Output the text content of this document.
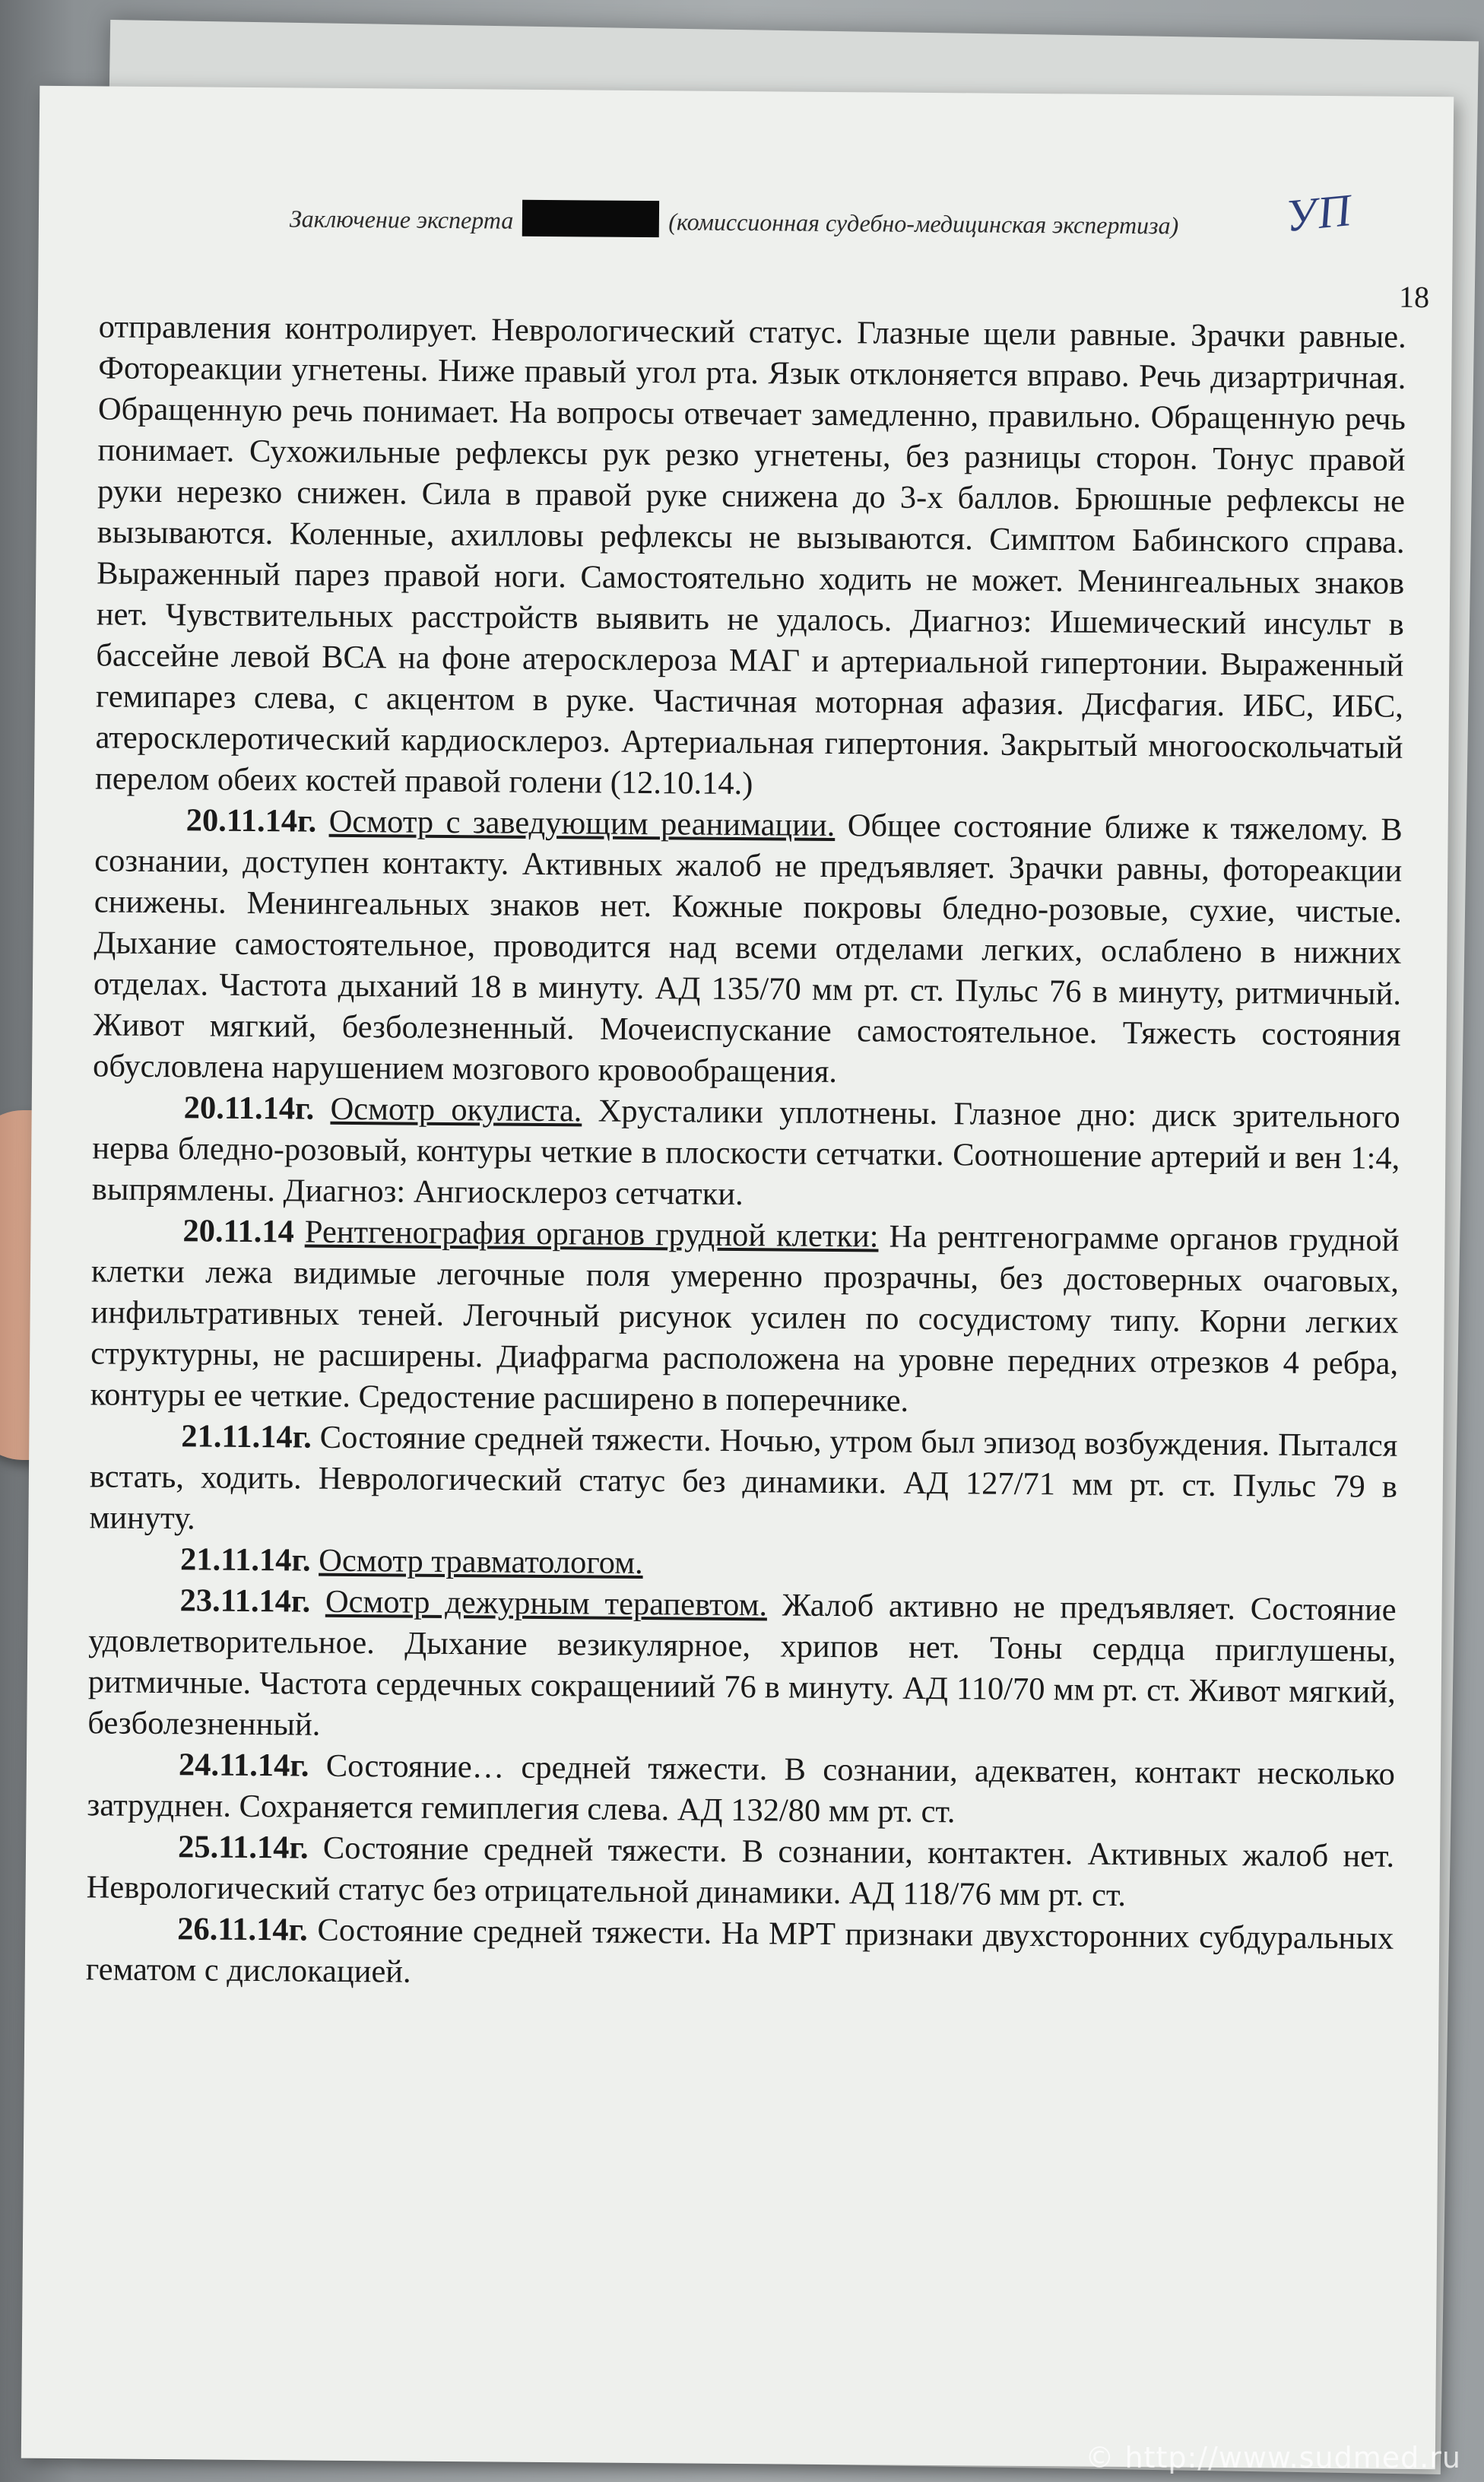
Заключение эксперта	(комиссионная судебно-медицинская экспертиза) УП
18

отправления контролирует. Неврологический статус. Глазные щели равные. Зрачки равные. Фотореакции угнетены. Ниже правый угол рта. Язык отклоняется вправо. Речь дизартричная. Обращенную речь понимает. На вопросы отвечает замедленно, правильно. Обращенную речь понимает. Сухожильные рефлексы рук резко угнетены, без разницы сторон. Тонус правой руки нерезко снижен. Сила в правой руке снижена до 3-х баллов. Брюшные рефлексы не вызываются. Коленные, ахилловы рефлексы не вызываются. Симптом Бабинского справа. Выраженный парез правой ноги. Самостоятельно ходить не может. Менингеальных знаков нет. Чувствительных расстройств выявить не удалось. Диагноз: Ишемический инсульт в бассейне левой ВСА на фоне атеросклероза МАГ и артериальной гипертонии. Выраженный гемипарез слева, с акцентом в руке. Частичная моторная афазия. Дисфагия. ИБС, ИБС, атеросклеротический кардиосклероз. Артериальная гипертония. Закрытый многооскольчатый перелом обеих костей правой голени (12.10.14.)

20.11.14г. Осмотр с заведующим реанимации. Общее состояние ближе к тяжелому. В сознании, доступен контакту. Активных жалоб не предъявляет. Зрачки равны, фотореакции снижены. Менингеальных знаков нет. Кожные покровы бледно-розовые, сухие, чистые. Дыхание самостоятельное, проводится над всеми отделами легких, ослаблено в нижних отделах. Частота дыханий 18 в минуту. АД 135/70 мм рт. ст. Пульс 76 в минуту, ритмичный. Живот мягкий, безболезненный. Мочеиспускание самостоятельное. Тяжесть состояния обусловлена нарушением мозгового кровообращения.

20.11.14г. Осмотр окулиста. Хрусталики уплотнены. Глазное дно: диск зрительного нерва бледно-розовый, контуры четкие в плоскости сетчатки. Соотношение артерий и вен 1:4, выпрямлены. Диагноз: Ангиосклероз сетчатки.

20.11.14 Рентгенография органов грудной клетки: На рентгенограмме органов грудной клетки лежа видимые легочные поля умеренно прозрачны, без достоверных очаговых, инфильтративных теней. Легочный рисунок усилен по сосудистому типу. Корни легких структурны, не расширены. Диафрагма расположена на уровне передних отрезков 4 ребра, контуры ее четкие. Средостение расширено в поперечнике.

21.11.14г. Состояние средней тяжести. Ночью, утром был эпизод возбуждения. Пытался встать, ходить. Неврологический статус без динамики. АД 127/71 мм рт. ст. Пульс 79 в минуту.

21.11.14г. Осмотр травматологом.

23.11.14г. Осмотр дежурным терапевтом. Жалоб активно не предъявляет. Состояние удовлетворительное. Дыхание везикулярное, хрипов нет. Тоны сердца приглушены, ритмичные. Частота сердечных сокращениий 76 в минуту. АД 110/70 мм рт. ст. Живот мягкий, безболезненный.

24.11.14г. Состояние… средней тяжести. В сознании, адекватен, контакт несколько затруднен. Сохраняется гемиплегия слева. АД 132/80 мм рт. ст.

25.11.14г. Состояние средней тяжести. В сознании, контактен. Активных жалоб нет. Неврологический статус без отрицательной динамики. АД 118/76 мм рт. ст.

26.11.14г. Состояние средней тяжести. На МРТ признаки двухсторонних субдуральных гематом с дислокацией.

© http://www.sudmed.ru
